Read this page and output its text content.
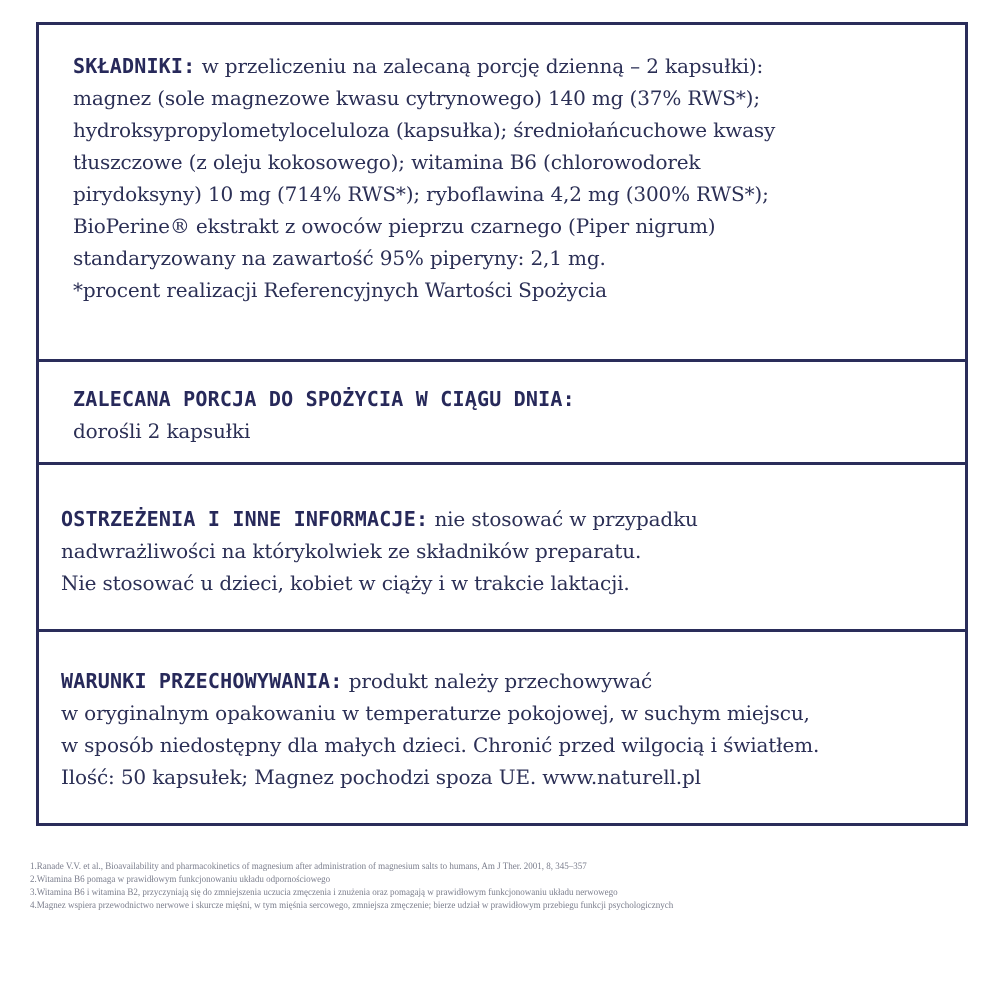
SKŁADNIKI: w przeliczeniu na zalecaną porcję dzienną – 2 kapsułki):
magnez (sole magnezowe kwasu cytrynowego) 140 mg (37% RWS*);
hydroksypropylometyloceluloza (kapsułka); średniołańcuchowe kwasy
tłuszczowe (z oleju kokosowego); witamina B6 (chlorowodorek
pirydoksyny) 10 mg (714% RWS*); ryboflawina 4,2 mg (300% RWS*);
BioPerine® ekstrakt z owoców pieprzu czarnego (Piper nigrum)
standaryzowany na zawartość 95% piperyny: 2,1 mg.
*procent realizacji Referencyjnych Wartości Spożycia
ZALECANA PORCJA DO SPOŻYCIA W CIĄGU DNIA:
dorośli 2 kapsułki
OSTRZEŻENIA I INNE INFORMACJE: nie stosować w przypadku
nadwrażliwości na którykolwiek ze składników preparatu.
Nie stosować u dzieci, kobiet w ciąży i w trakcie laktacji.
WARUNKI PRZECHOWYWANIA: produkt należy przechowywać
w oryginalnym opakowaniu w temperaturze pokojowej, w suchym miejscu,
w sposób niedostępny dla małych dzieci. Chronić przed wilgocią i światłem.
Ilość: 50 kapsułek; Magnez pochodzi spoza UE. www.naturell.pl
1.Ranade V.V. et al., Bioavailability and pharmacokinetics of magnesium after administration of magnesium salts to humans, Am J Ther. 2001, 8, 345–357
2.Witamina B6 pomaga w prawidłowym funkcjonowaniu układu odpornościowego
3.Witamina B6 i witamina B2, przyczyniają się do zmniejszenia uczucia zmęczenia i znużenia oraz pomagają w prawidłowym funkcjonowaniu układu nerwowego
4.Magnez wspiera przewodnictwo nerwowe i skurcze mięśni, w tym mięśnia sercowego, zmniejsza zmęczenie; bierze udział w prawidłowym przebiegu funkcji psychologicznych
